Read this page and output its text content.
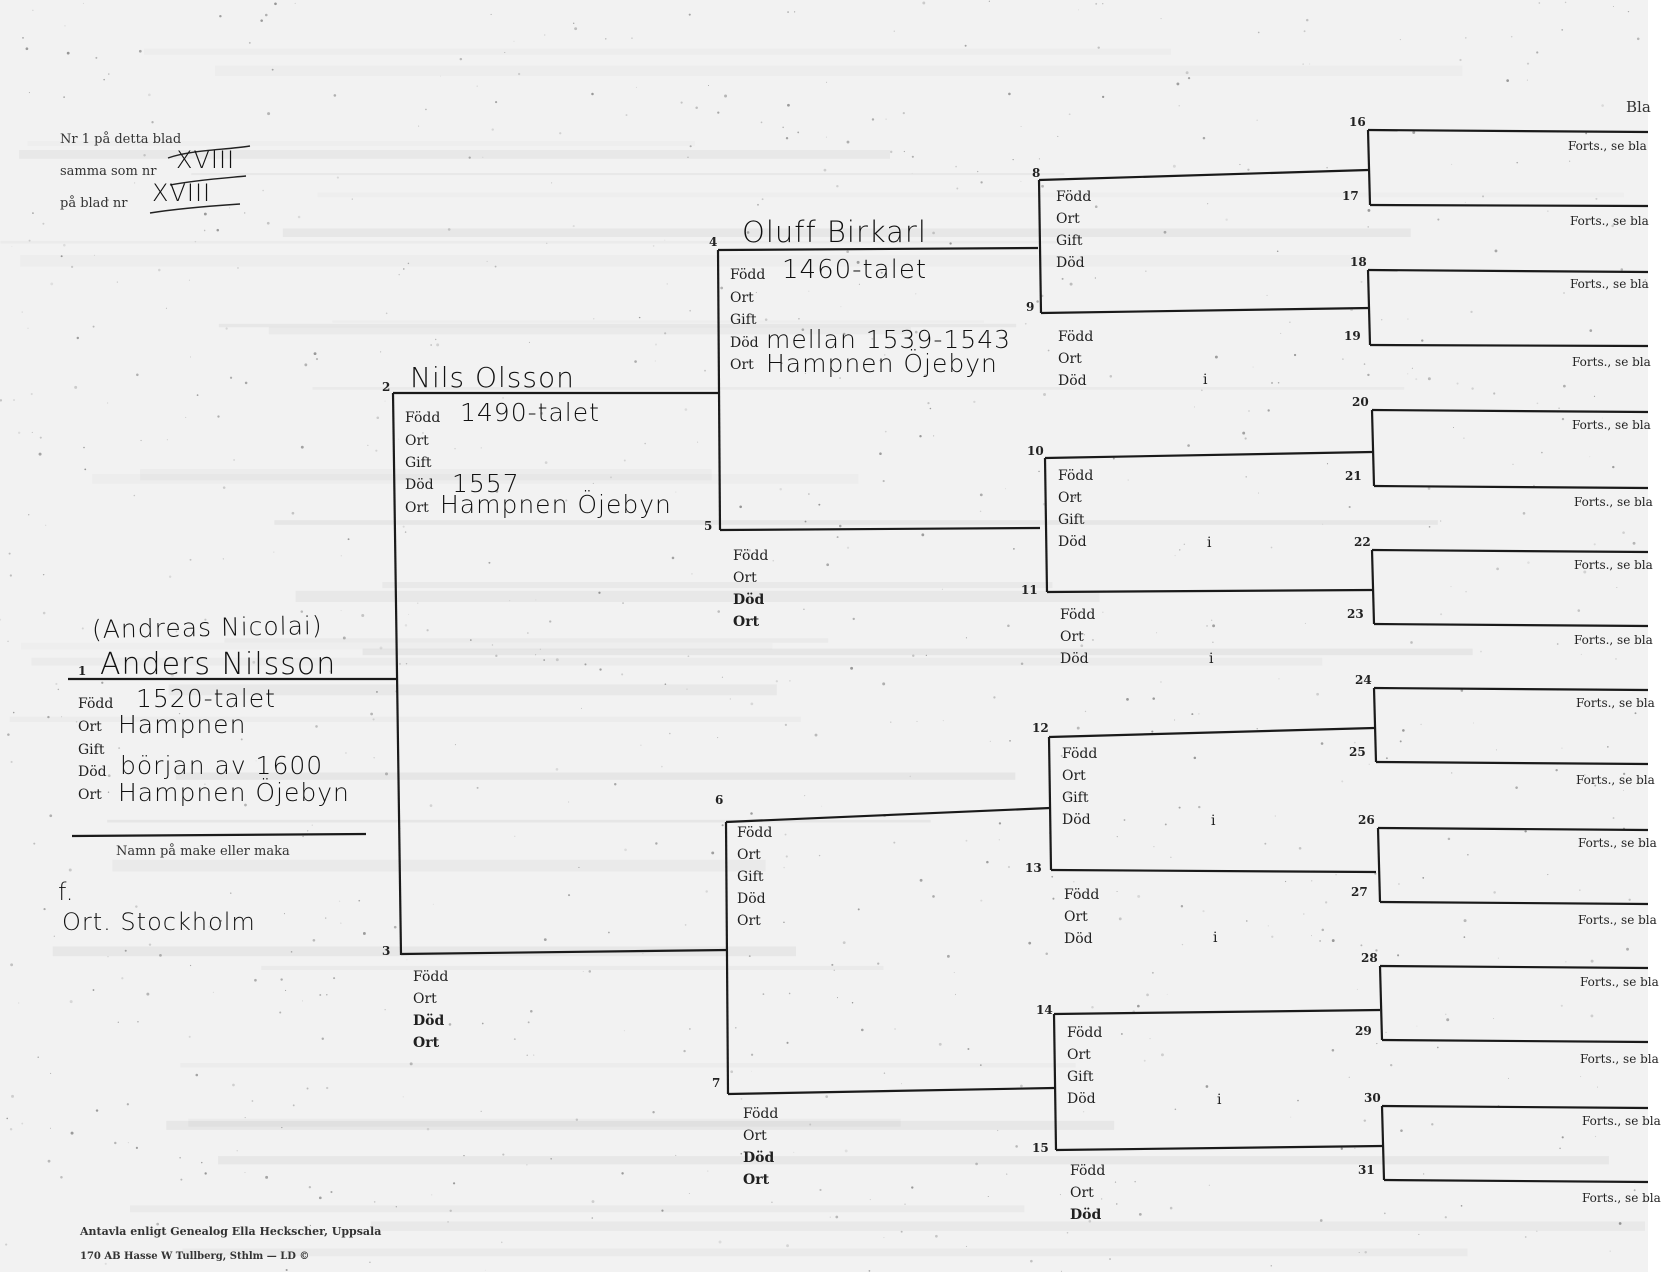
Nr 1 på detta blad
samma som nr XVIII
på blad nr XVIII
Bla
1
(Andreas Nicolai)
Anders Nilsson
Född 1520-talet
Ort Hampnen
Gift
Död början av 1600
Ort Hampnen Öjebyn
Namn på make eller maka
f.
Ort. Stockholm
2 Nils Olsson
Född 1490-talet
Ort
Gift
Död 1557
Ort Hampnen Öjebyn
3
Född
Ort
Död
Ort
4 Oluff Birkarl
Född 1460-talet
Ort
Gift
Död mellan 1539-1543
Ort Hampnen Öjebyn
5
Född
Ort
Död
Ort
6
Född
Ort
Gift
Död
Ort
7
Född
Ort
Död
Ort
8
Född
Ort
Gift
Död
9
Född
Ort
Död	i
10
Född
Ort
Gift
Död	i
11
Född
Ort
Död	i
12
Född
Ort
Gift
Död	i
13
Född
Ort
Död	i
14
Född
Ort
Gift
Död	i
15
Född
Ort
Död
16
17
18
19
20
21
22
23
24
25
26
27
28
29
30
31
Forts., se bla
Forts., se bla
Forts., se bla
Forts., se bla
Forts., se bla
Forts., se bla
Forts., se bla
Forts., se bla
Forts., se bla
Forts., se bla
Forts., se bla
Forts., se bla
Forts., se bla
Forts., se bla
Forts., se bla
Forts., se bla
Antavla enligt Genealog Ella Heckscher, Uppsala
170 AB Hasse W Tullberg, Sthlm — LD ©
